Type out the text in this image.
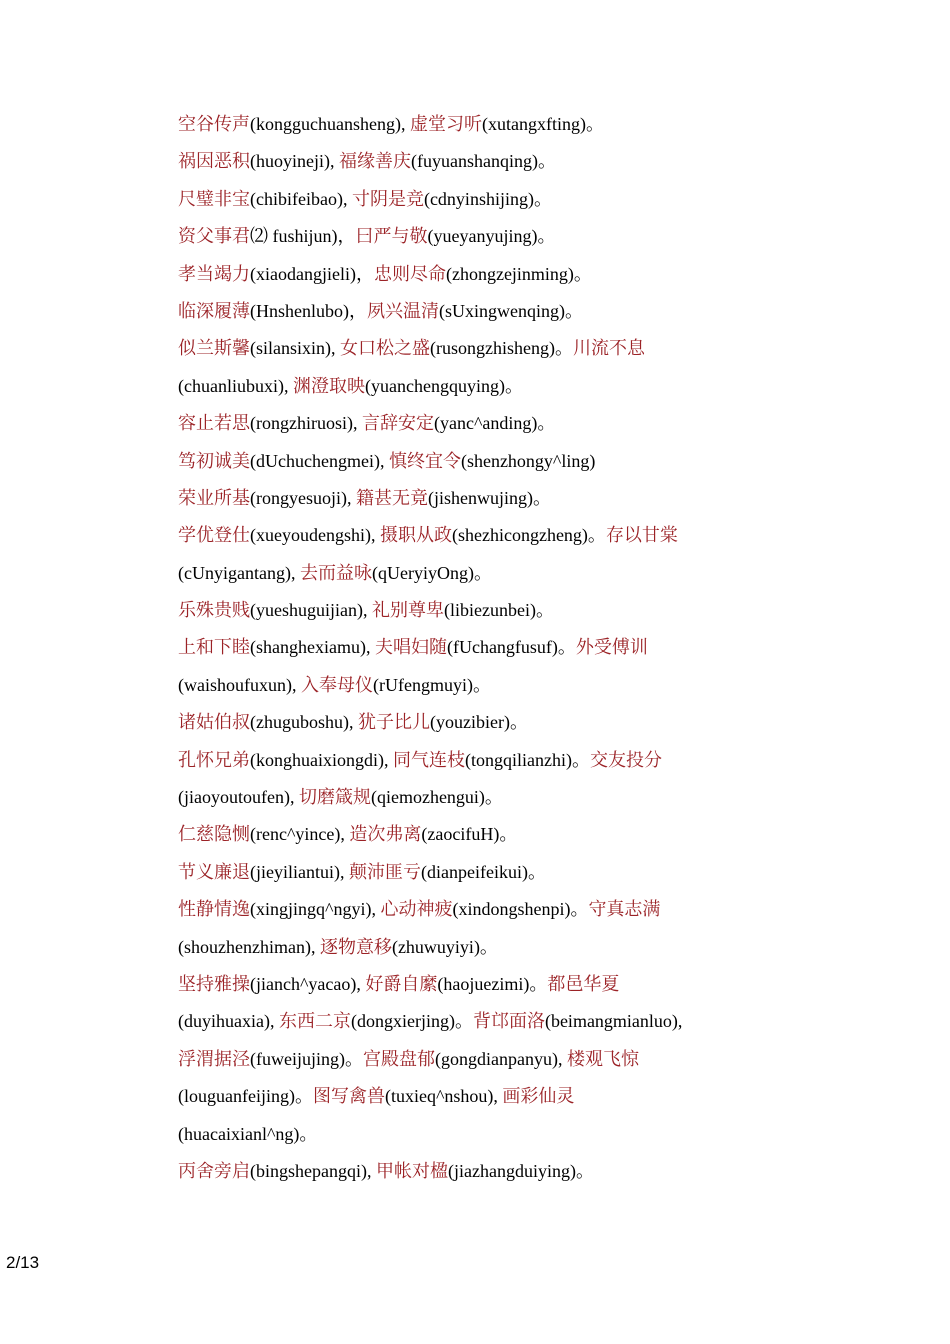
空谷传声(kongguchuansheng), 虚堂习听(xutangxfting)。
祸因恶积(huoyineji), 福缘善庆(fuyuanshanqing)。
尺璧非宝(chibifeibao), 寸阴是竞(cdnyinshijing)。
资父事君⑵ fushijun)，曰严与敬(yueyanyujing)。
孝当竭力(xiaodangjieli)，忠则尽命(zhongzejinming)。
临深履薄(Hnshenlubo)，夙兴温清(sUxingwenqing)。
似兰斯馨(silansixin), 女口松之盛(rusongzhisheng)。川流不息
(chuanliubuxi), 渊澄取映(yuanchengquying)。
容止若思(rongzhiruosi), 言辞安定(yanc^anding)。
笃初诚美(dUchuchengmei), 慎终宜令(shenzhongy^ling)
荣业所基(rongyesuoji), 籍甚无竟(jishenwujing)。
学优登仕(xueyoudengshi), 摄职从政(shezhicongzheng)。存以甘棠
(cUnyigantang), 去而益咏(qUeryiyOng)。
乐殊贵贱(yueshuguijian), 礼别尊卑(libiezunbei)。
上和下睦(shanghexiamu), 夫唱妇随(fUchangfusuf)。外受傅训
(waishoufuxun), 入奉母仪(rUfengmuyi)。
诸姑伯叔(zhuguboshu), 犹子比儿(youzibier)。
孔怀兄弟(konghuaixiongdi), 同气连枝(tongqilianzhi)。交友投分
(jiaoyoutoufen), 切磨箴规(qiemozhengui)。
仁慈隐恻(renc^yince), 造次弗离(zaocifuH)。
节义廉退(jieyiliantui), 颠沛匪亏(dianpeifeikui)。
性静情逸(xingjingq^ngyi), 心动神疲(xindongshenpi)。守真志满
(shouzhenzhiman), 逐物意移(zhuwuyiyi)。
坚持雅操(jianch^yacao), 好爵自縻(haojuezimi)。都邑华夏
(duyihuaxia), 东西二京(dongxierjing)。背邙面洛(beimangmianluo),
浮渭据泾(fuweijujing)。宫殿盘郁(gongdianpanyu), 楼观飞惊
(louguanfeijing)。图写禽兽(tuxieq^nshou), 画彩仙灵
(huacaixianl^ng)。
丙舍旁启(bingshepangqi), 甲帐对楹(jiazhangduiying)。
2/13
